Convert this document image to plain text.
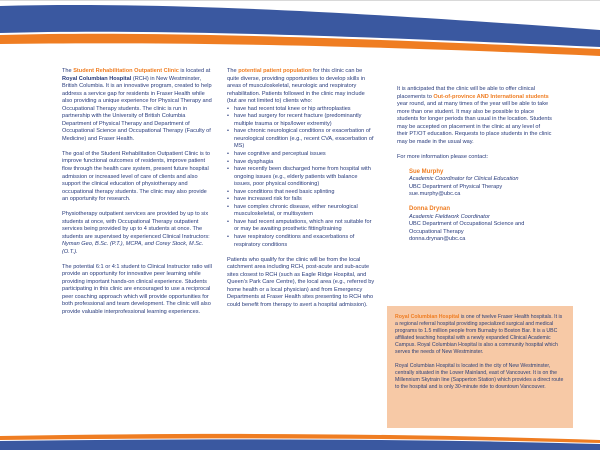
The Student Rehabilitation Outpatient Clinic is located at Royal Columbian Hospital (RCH) in New Westminster, British Columbia. It is an innovative program, created to help address a service gap for residents in Fraser Health while also providing a unique experience for Physical Therapy and Occupational Therapy students. The clinic is run in partnership with the University of British Columbia Department of Physical Therapy and Department of Occupational Science and Occupational Therapy (Faculty of Medicine) and Fraser Health.

The goal of the Student Rehabilitation Outpatient Clinic is to improve functional outcomes of residents, improve patient flow through the health care system, present future hospital admission or increased level of care of clients and also support the clinical education of physiotherapy and occupational therapy students. The clinic may also provide an opportunity for research.

Physiotherapy outpatient services are provided by up to six students at once, with Occupational Therapy outpatient services being provided by up to 4 students at once. The students are supervised by experienced Clinical Instructors: Nyman Geo, B.Sc. (P.T.), MCPA, and Corey Stock, M.Sc. (O.T.).

The potential 6:1 or 4:1 student to Clinical Instructor ratio will provide an opportunity for innovative peer learning while providing important hands-on clinical experience. Students participating in this clinic are encouraged to use a reciprocal peer coaching approach which will provide opportunities for both professional and team development. The clinic will also provide valuable interprofessional learning experiences.

The potential patient population for this clinic can be quite diverse, providing opportunities to develop skills in areas of musculoskeletal, neurologic and respiratory rehabilitation. Patients followed in the clinic may include (but are not limited to) clients who:

• have had recent total knee or hip arthroplasties
• have had surgery for recent fracture (predominantly multiple trauma or hips/lower extremity)
• have chronic neurological conditions or exacerbation of neurological condition (e.g., recent CVA, exacerbation of MS)
• have cognitive and perceptual issues
• have dysphagia
• have recently been discharged home from hospital with ongoing issues (e.g., elderly patients with balance issues, poor physical conditioning)
• have conditions that need basic splinting
• have increased risk for falls
• have complex chronic disease, either neurological musculoskeletal, or multisystem
• have had recent amputations, which are not suitable for or may be awaiting prosthetic fitting/training
• have respiratory conditions and exacerbations of respiratory conditions

Patients who qualify for the clinic will be from the local catchment area including RCH, post-acute and sub-acute sites closest to RCH (such as Eagle Ridge Hospital, and Queen's Park Care Centre), the local area (e.g., referred by home health or a local physician) and from Emergency Departments at Fraser Health sites presenting to RCH who could benefit from therapy to avert a hospital admission).

It is anticipated that the clinic will be able to offer clinical placements to Out-of-province AND International students year round, and at many times of the year will be able to take more than one student. It may also be possible to place students for longer periods than usual in the location. Students may be accepted on placement in the clinic at any level of their PT/OT education. Requests to place students in the clinic may be made in the usual way.

For more information please contact:

Sue Murphy
Academic Coordinator for Clinical Education
UBC Department of Physical Therapy
sue.murphy@ubc.ca
Donna Drynan
Academic Fieldwork Coordinator
UBC Department of Occupational Science and Occupational Therapy
donna.drynan@ubc.ca

Royal Columbian Hospital is one of twelve Fraser Health hospitals. It is a regional referral hospital providing specialized surgical and medical programs to 1.5 million people from Burnaby to Boston Bar. It is a UBC affiliated teaching hospital with a newly expanded Clinical Academic Campus. Royal Columbian Hospital is also a community hospital which serves the needs of New Westminster.

Royal Columbian Hospital is located in the city of New Westminster, centrally situated in the Lower Mainland, east of Vancouver. It is on the Millennium Skytrain line (Sapperton Station) which provides a direct route to the hospital and is only 30-minute ride to downtown Vancouver.
